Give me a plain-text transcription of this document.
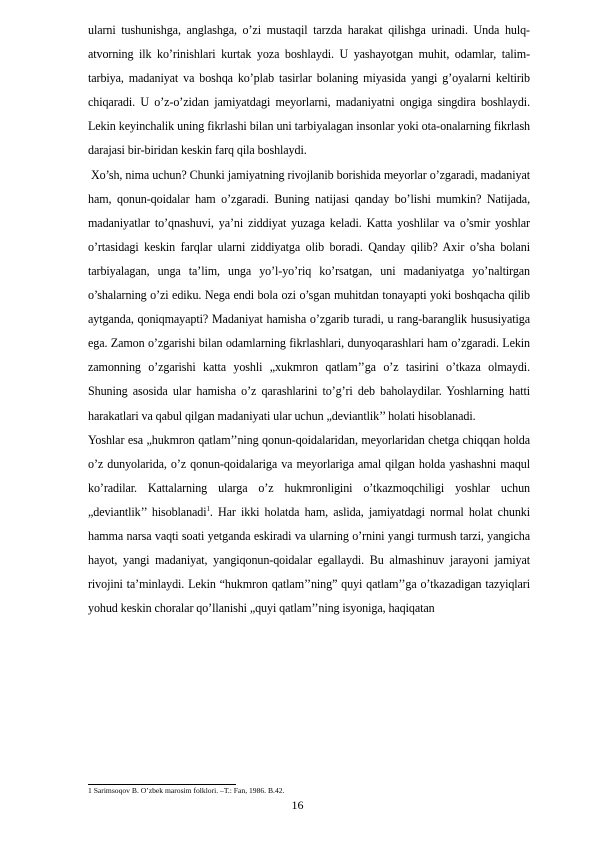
ularni tushunishga, anglashga, o’zi mustaqil tarzda harakat qilishga urinadi. Unda hulq- atvorning ilk ko’rinishlari kurtak yoza boshlaydi. U yashayotgan muhit, odamlar, talim- tarbiya, madaniyat va boshqa ko’plab tasirlar bolaning miyasida yangi g’oyalarni keltirib chiqaradi. U o’z-o’zidan jamiyatdagi meyorlarni, madaniyatni ongiga singdira boshlaydi. Lekin keyinchalik uning fikrlashi bilan uni tarbiyalagan insonlar yoki ota-onalarning fikrlash darajasi bir-biridan keskin farq qila boshlaydi.

Xo’sh, nima uchun? Chunki jamiyatning rivojlanib borishida meyorlar o’zgaradi, madaniyat ham, qonun-qoidalar ham o’zgaradi. Buning natijasi qanday bo’lishi mumkin? Natijada, madaniyatlar to’qnashuvi, ya’ni ziddiyat yuzaga keladi. Katta yoshlilar va o’smir yoshlar o’rtasidagi keskin farqlar ularni ziddiyatga olib boradi. Qanday qilib? Axir o’sha bolani tarbiyalagan, unga ta’lim, unga yo’l-yo’riq ko’rsatgan, uni madaniyatga yo’naltirgan o’shalarning o’zi ediku. Nega endi bola ozi o’sgan muhitdan tonayapti yoki boshqacha qilib aytganda, qoniqmayapti? Madaniyat hamisha o’zgarib turadi, u rang-baranglik hususiyatiga ega. Zamon o’zgarishi bilan odamlarning fikrlashlari, dunyoqarashlari ham o’zgaradi. Lekin zamonning o’zgarishi katta yoshli „xukmron qatlam’’ga o’z tasirini o’tkaza olmaydi. Shuning asosida ular hamisha o’z qarashlarini to’g’ri deb baholaydilar. Yoshlarning hatti harakatlari va qabul qilgan madaniyati ular uchun „deviantlik’’ holati hisoblanadi.

Yoshlar esa „hukmron qatlam’’ning qonun-qoidalaridan, meyorlaridan chetga chiqqan holda o’z dunyolarida, o’z qonun-qoidalariga va meyorlariga amal qilgan holda yashashni maqul ko’radilar. Kattalarning ularga o’z hukmronligini o’tkazmoqchiligi yoshlar uchun „deviantlik’’ hisoblanadi$^1$. Har ikki holatda ham, aslida, jamiyatdagi normal holat chunki hamma narsa vaqti soati yetganda eskiradi va ularning o’rnini yangi turmush tarzi, yangicha hayot, yangi madaniyat, yangiqonun-qoidalar egallaydi. Bu almashinuv jarayoni jamiyat rivojini ta’minlaydi. Lekin “hukmron qatlam’’ning” quyi qatlam’’ga o’tkazadigan tazyiqlari yohud keskin choralar qo’llanishi „quyi qatlam’’ning isyoniga, haqiqatan

1 Sarimsoqov B. O’zbek marosim folklori. –T.: Fan, 1986. B.42.
16
